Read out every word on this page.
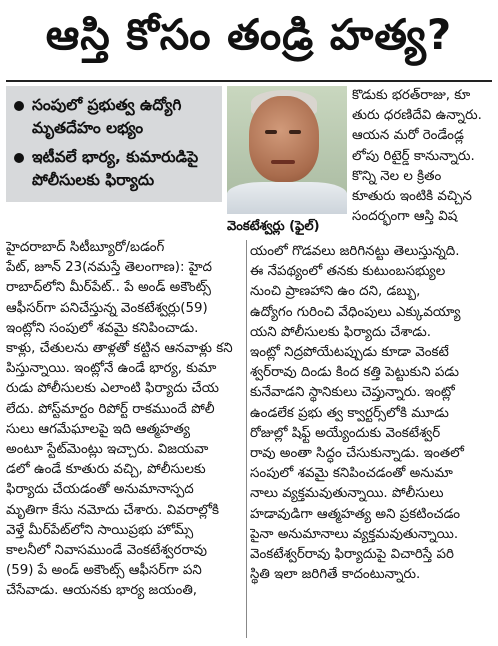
ఆస్తి కోసం తండ్రి హత్య?
సంపులో ప్రభుత్వ ఉద్యోగి మృతదేహం లభ్యం
ఇటీవలే భార్య, కుమారుడిపై పోలీసులకు ఫిర్యాదు
వెంకటేశ్వర్లు (ఫైల్)
కొడుకు భరత్‌రాజు, కూ
తురు ధరణిదేవి ఉన్నారు.
ఆయన మరో రెండేండ్ల
లోపు రిటైర్డ్ కానున్నారు.
కొన్ని నెల ల క్రితం
కూతురు ఇంటికి వచ్చిన
సందర్భంగా ఆస్తి విష
హైదరాబాద్ సిటీబ్యూరో/బడంగ్
పేట్, జూన్ 23(నమస్తే తెలంగాణ): హైద
రాబాద్‌లోని మీర్‌పేట్.. పే అండ్ అకౌంట్స్
ఆఫీసర్‌గా పనిచేస్తున్న వెంకటేశ్వర్లు(59)
ఇంట్లోని సంపులో శవమై కనిపించాడు.
కాళ్లు, చేతులను తాళ్లతో కట్టిన ఆనవాళ్లు కని
పిస్తున్నాయి. ఇంట్లోనే ఉండే భార్య, కుమా
రుడు పోలీసులకు ఎలాంటి ఫిర్యాదు చేయ
లేదు. పోస్ట్‌మార్టం రిపోర్ట్ రాకముందే పోలీ
సులు ఆగమేఘాలపై ఇది ఆత్మహత్య
అంటూ స్టేట్‌మెంట్లు ఇచ్చారు. విజయవా
డలో ఉండే కూతురు వచ్చి, పోలీసులకు
ఫిర్యాదు చేయడంతో అనుమానాస్పద
మృతిగా కేసు నమోదు చేశారు. వివరాల్లోకి
వెళ్తే మీర్‌పేట్‌లోని సాయిప్రభు హోమ్స్
కాలనీలో నివాసముండే వెంకటేశ్వరరావు
(59) పే అండ్ అకౌంట్స్ ఆఫీసర్‌గా పని
చేసేవాడు. ఆయనకు భార్య జయంతి,
యంలో గొడవలు జరిగినట్టు తెలుస్తున్నది.
ఈ నేపథ్యంలో తనకు కుటుంబసభ్యుల
నుంచి ప్రాణహాని ఉం దని, డబ్బు,
ఉద్యోగం గురించి వేధింపులు ఎక్కువయ్యా
యని పోలీసులకు ఫిర్యాదు చేశాడు.
ఇంట్లో నిద్రపోయేటప్పుడు కూడా వెంకటే
శ్వర్‌రావు దిండు కింద కత్తి పెట్టుకుని పడు
కునేవాడని స్థానికులు చెప్తున్నారు. ఇంట్లో
ఉండలేక ప్రభు త్వ క్వార్టర్స్‌లోకి మూడు
రోజుల్లో షిఫ్ట్ అయ్యేందుకు వెంకటేశ్వర్
రావు అంతా సిద్ధం చేసుకున్నాడు. ఇంతలో
సంపులో శవమై కనిపించడంతో అనుమా
నాలు వ్యక్తమవుతున్నాయి. పోలీసులు
హడావుడిగా ఆత్మహత్య అని ప్రకటించడం
పైనా అనుమానాలు వ్యక్తమవుతున్నాయి.
వెంకటేశ్వర్‌రావు ఫిర్యాదుపై విచారిస్తే పరి
స్థితి ఇలా జరిగితే కాదంటున్నారు.
